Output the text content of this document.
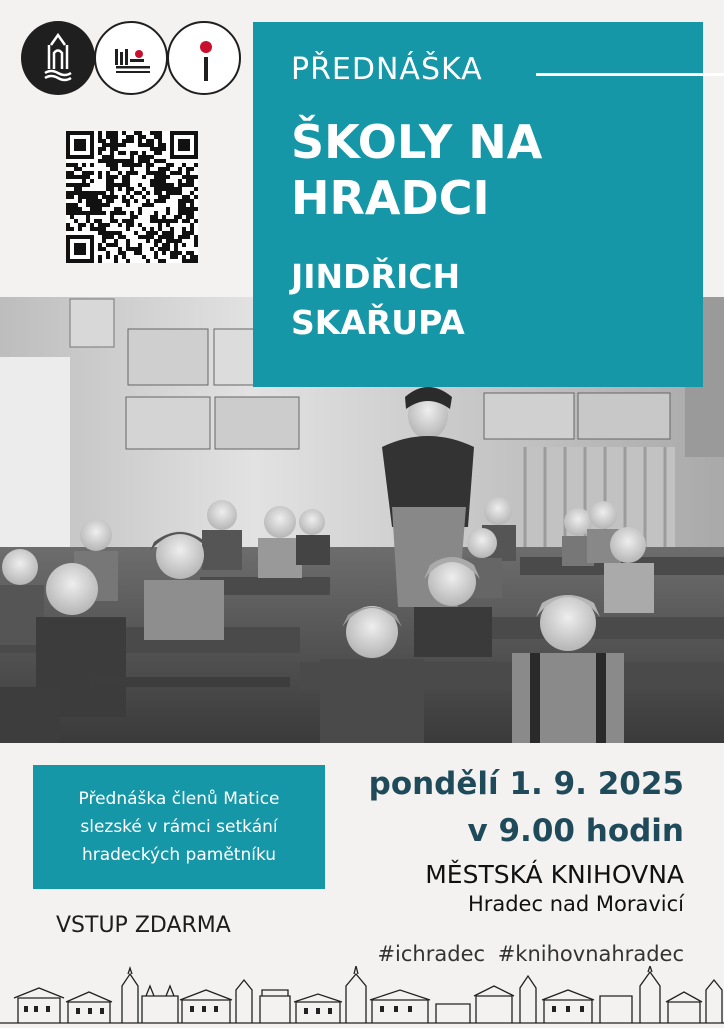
PŘEDNÁŠKA
ŠKOLY NA
HRADCI
JINDŘICH
SKAŘUPA
Přednáška členů Matice
slezské v rámci setkání
hradeckých pamětníku
VSTUP ZDARMA
pondělí 1. 9. 2025
v 9.00 hodin
MĚSTSKÁ KNIHOVNA
Hradec nad Moravicí
#ichradec #knihovnahradec
